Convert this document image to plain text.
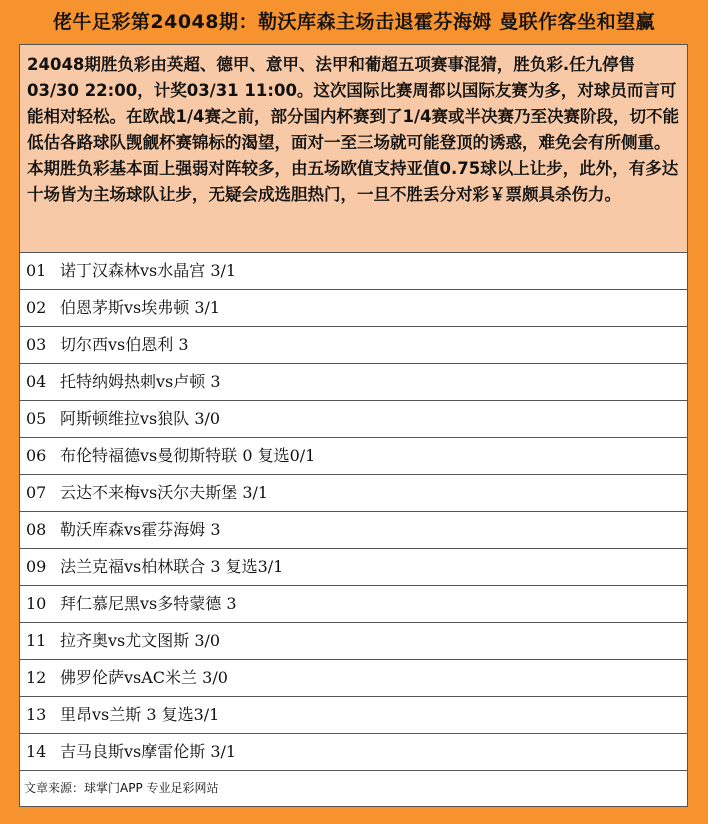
佬牛足彩第24048期：勒沃库森主场击退霍芬海姆 曼联作客坐和望赢
24048期胜负彩由英超、德甲、意甲、法甲和葡超五项赛事混猜，胜负彩.任九停售03/30 22:00，计奖03/31 11:00。这次国际比赛周都以国际友赛为多，对球员而言可能相对轻松。在欧战1/4赛之前，部分国内杯赛到了1/4赛或半决赛乃至决赛阶段，切不能低估各路球队觊觎杯赛锦标的渴望，面对一至三场就可能登顶的诱惑，难免会有所侧重。本期胜负彩基本面上强弱对阵较多，由五场欧值支持亚值0.75球以上让步，此外，有多达十场皆为主场球队让步，无疑会成选胆热门，一旦不胜丢分对彩￥票颇具杀伤力。
01 诺丁汉森林vs水晶宫 3/1
02 伯恩茅斯vs埃弗顿 3/1
03 切尔西vs伯恩利 3
04 托特纳姆热刺vs卢顿 3
05 阿斯顿维拉vs狼队 3/0
06 布伦特福德vs曼彻斯特联 0 复选0/1
07 云达不来梅vs沃尔夫斯堡 3/1
08 勒沃库森vs霍芬海姆 3
09 法兰克福vs柏林联合 3 复选3/1
10 拜仁慕尼黑vs多特蒙德 3
11 拉齐奥vs尤文图斯 3/0
12 佛罗伦萨vsAC米兰 3/0
13 里昂vs兰斯 3 复选3/1
14 吉马良斯vs摩雷伦斯 3/1
文章来源：球掌门APP 专业足彩网站
